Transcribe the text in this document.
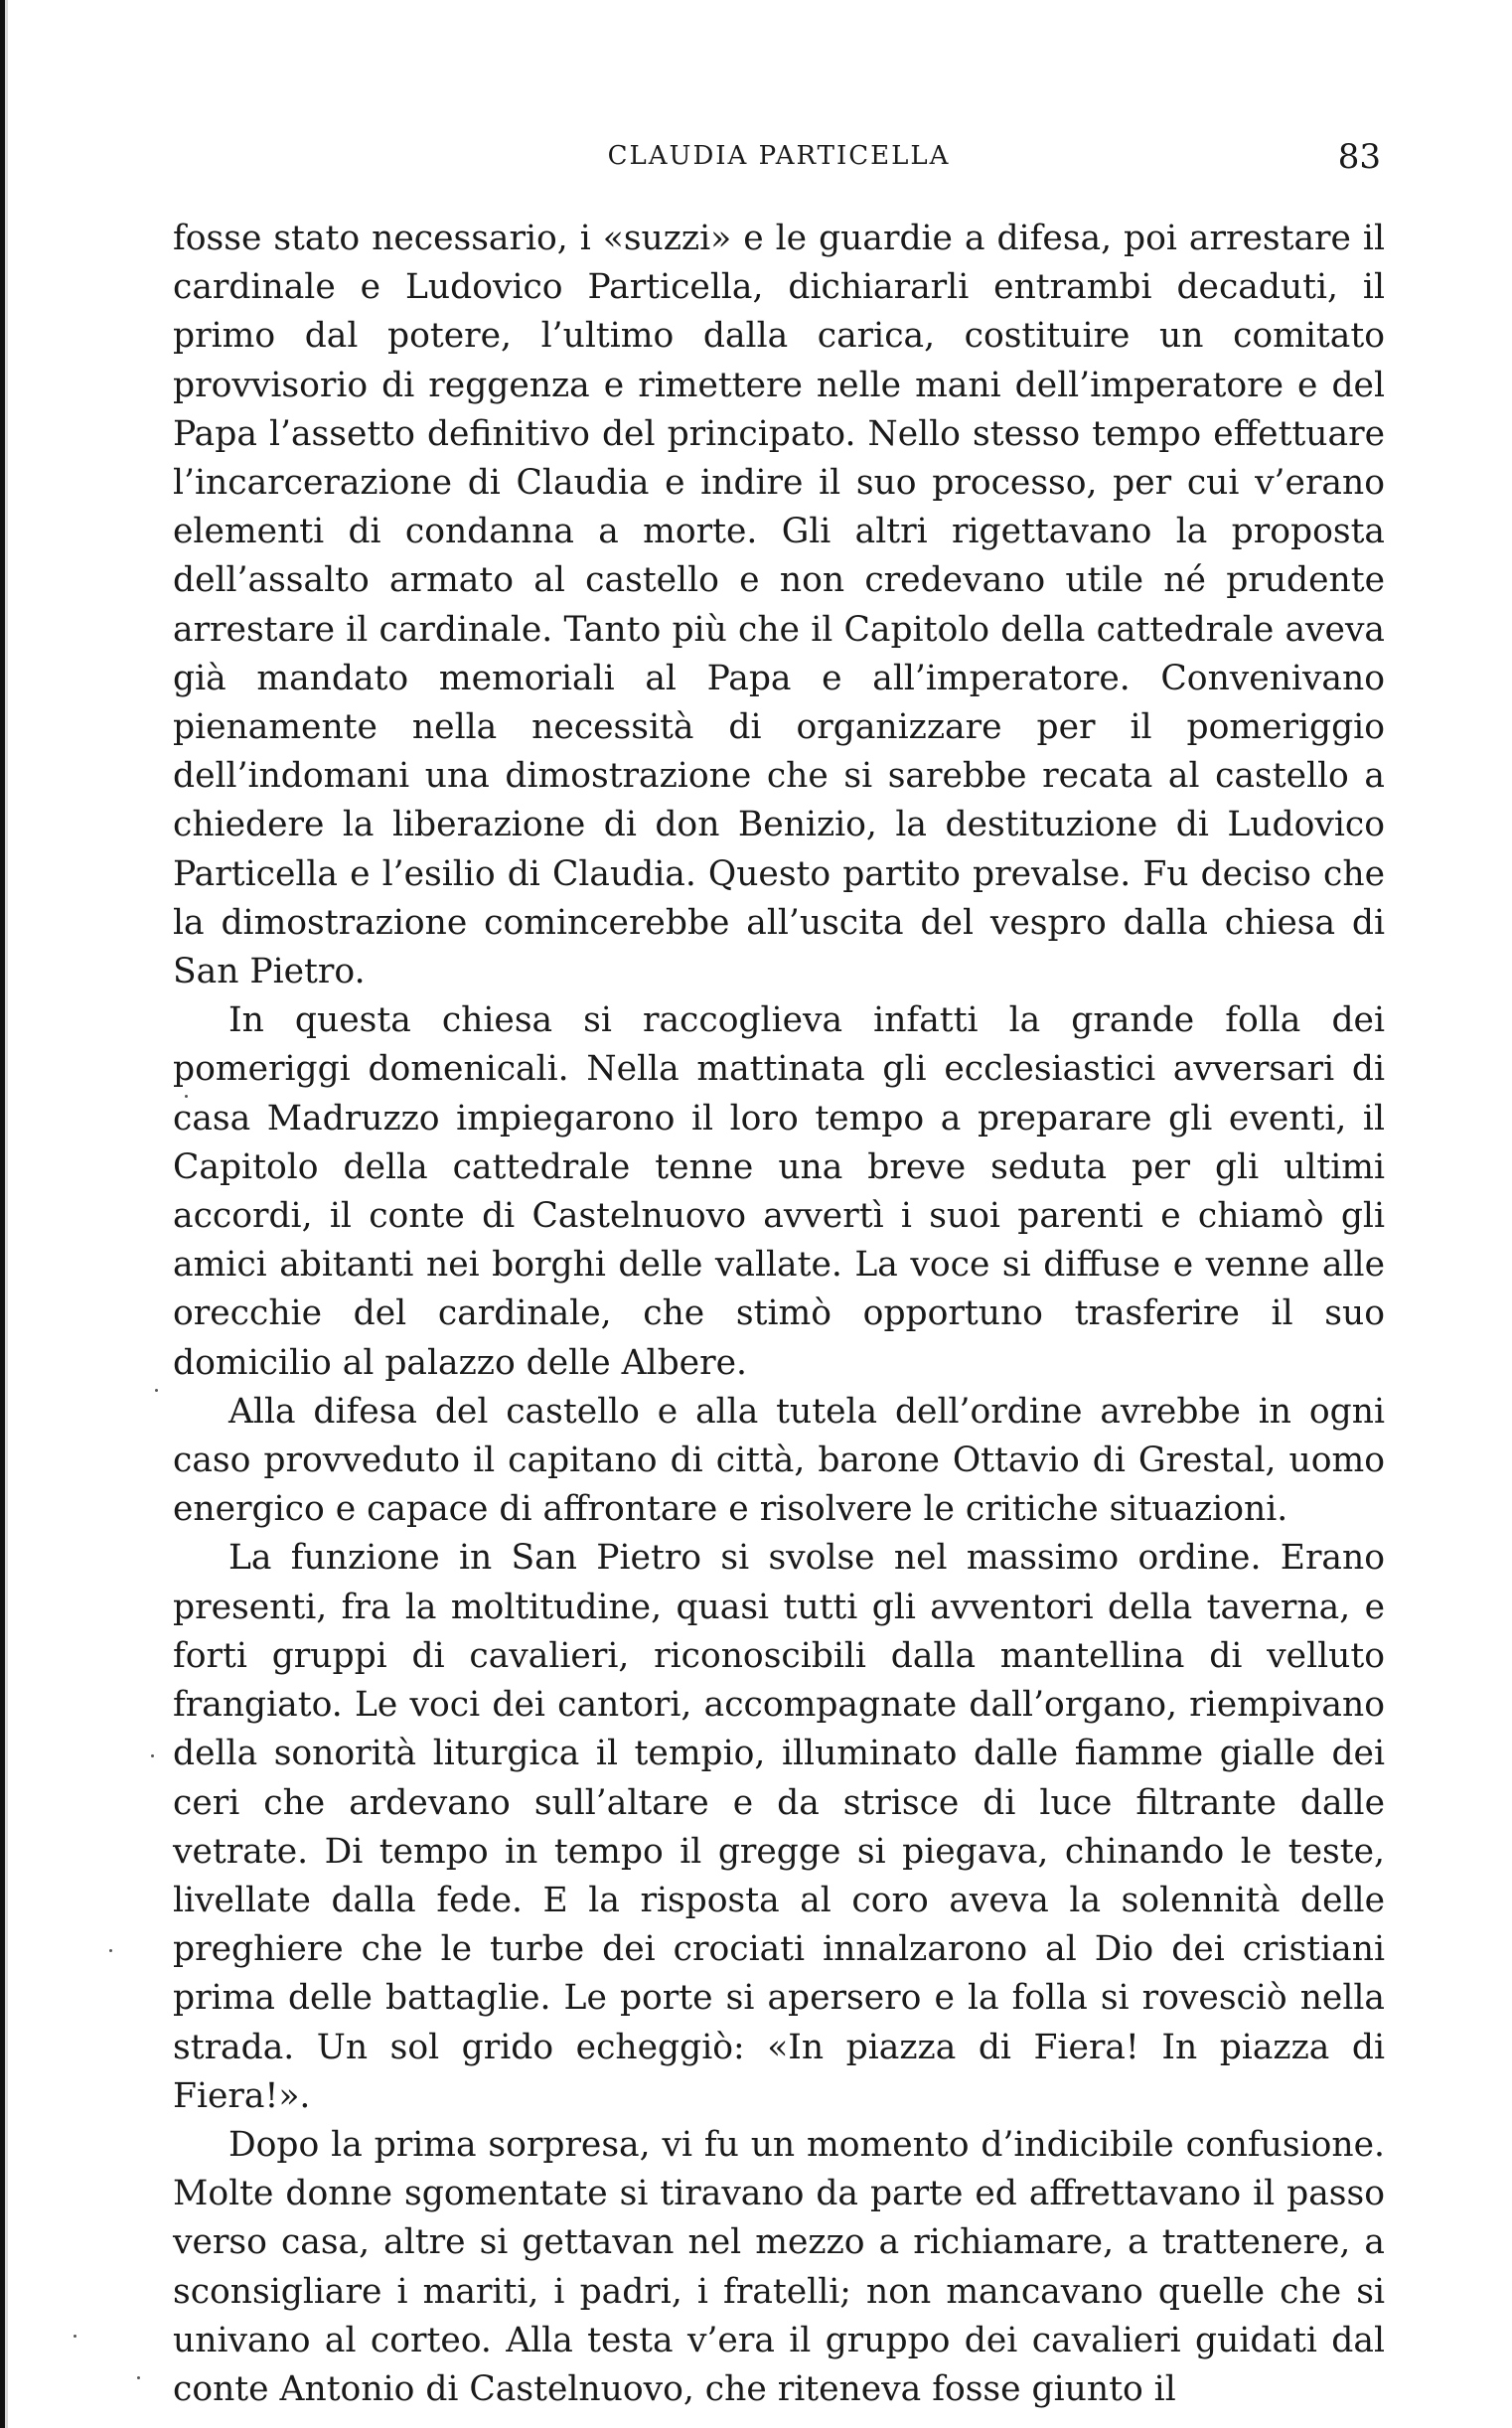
CLAUDIA PARTICELLA	83

fosse stato necessario, i «suzzi» e le guardie a difesa, poi arrestare il cardinale e Ludovico Particella, dichiararli entrambi decaduti, il primo dal potere, l’ultimo dalla carica, costituire un comitato provvisorio di reggenza e rimettere nelle mani dell’imperatore e del Papa l’assetto definitivo del principato. Nello stesso tempo effettuare l’incarcerazione di Claudia e indire il suo processo, per cui v’erano elementi di condanna a morte. Gli altri rigettavano la proposta dell’assalto armato al castello e non credevano utile né prudente arrestare il cardinale. Tanto più che il Capitolo della cattedrale aveva già mandato memoriali al Papa e all’imperatore. Convenivano pienamente nella necessità di organizzare per il pomeriggio dell’indomani una dimostrazione che si sarebbe recata al castello a chiedere la liberazione di don Benizio, la destituzione di Ludovico Particella e l’esilio di Claudia. Questo partito prevalse. Fu deciso che la dimostrazione comincerebbe all’uscita del vespro dalla chiesa di San Pietro.

In questa chiesa si raccoglieva infatti la grande folla dei pomeriggi domenicali. Nella mattinata gli ecclesiastici avversari di casa Madruzzo impiegarono il loro tempo a preparare gli eventi, il Capitolo della cattedrale tenne una breve seduta per gli ultimi accordi, il conte di Castelnuovo avvertì i suoi parenti e chiamò gli amici abitanti nei borghi delle vallate. La voce si diffuse e venne alle orecchie del cardinale, che stimò opportuno trasferire il suo domicilio al palazzo delle Albere.

Alla difesa del castello e alla tutela dell’ordine avrebbe in ogni caso provveduto il capitano di città, barone Ottavio di Grestal, uomo energico e capace di affrontare e risolvere le critiche situazioni.

La funzione in San Pietro si svolse nel massimo ordine. Erano presenti, fra la moltitudine, quasi tutti gli avventori della taverna, e forti gruppi di cavalieri, riconoscibili dalla mantellina di velluto frangiato. Le voci dei cantori, accompagnate dall’organo, riempivano della sonorità liturgica il tempio, illuminato dalle fiamme gialle dei ceri che ardevano sull’altare e da strisce di luce filtrante dalle vetrate. Di tempo in tempo il gregge si piegava, chinando le teste, livellate dalla fede. E la risposta al coro aveva la solennità delle preghiere che le turbe dei crociati innalzarono al Dio dei cristiani prima delle battaglie. Le porte si apersero e la folla si rovesciò nella strada. Un sol grido echeggiò: «In piazza di Fiera! In piazza di Fiera!».

Dopo la prima sorpresa, vi fu un momento d’indicibile confusione. Molte donne sgomentate si tiravano da parte ed affrettavano il passo verso casa, altre si gettavan nel mezzo a richiamare, a trattenere, a sconsigliare i mariti, i padri, i fratelli; non mancavano quelle che si univano al corteo. Alla testa v’era il gruppo dei cavalieri guidati dal conte Antonio di Castelnuovo, che riteneva fosse giunto il
